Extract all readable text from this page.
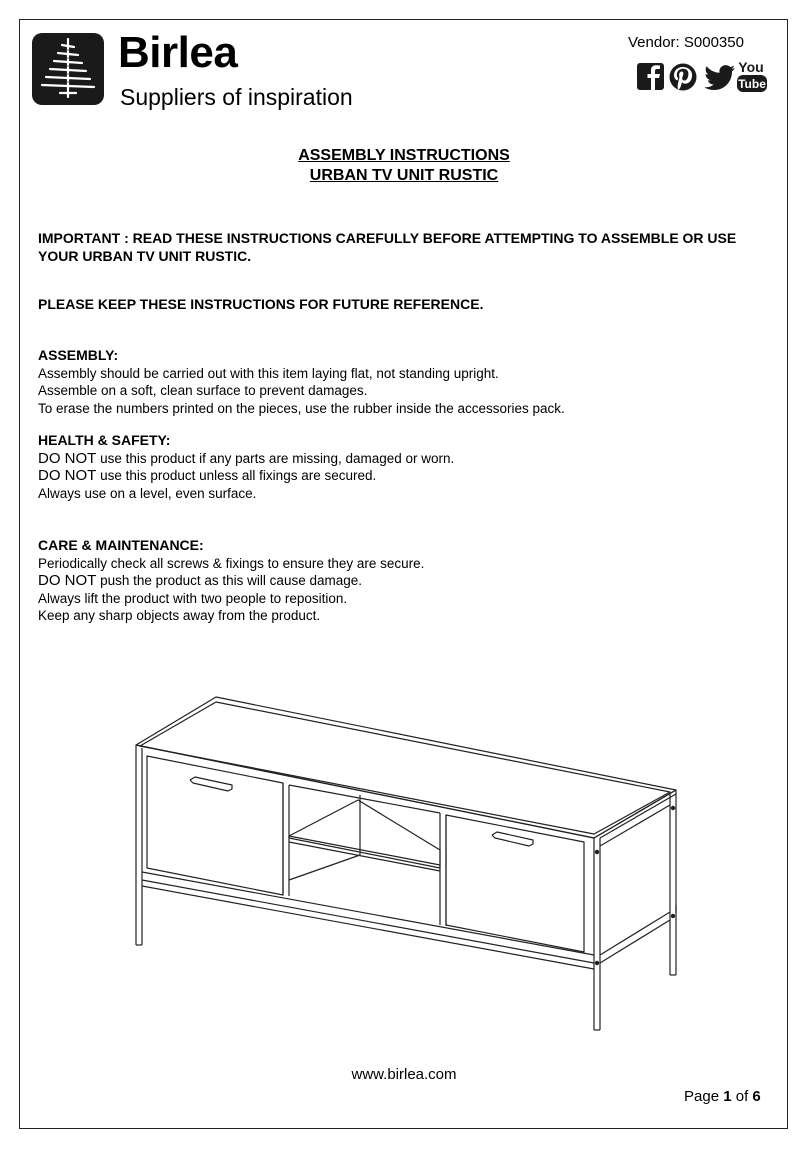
Birlea
Suppliers of inspiration
Vendor: S000350
You
Tube
ASSEMBLY INSTRUCTIONS
URBAN TV UNIT RUSTIC
IMPORTANT : READ THESE INSTRUCTIONS CAREFULLY BEFORE ATTEMPTING TO ASSEMBLE OR USE YOUR URBAN TV UNIT RUSTIC.
PLEASE KEEP THESE INSTRUCTIONS FOR FUTURE REFERENCE.
ASSEMBLY:
Assembly should be carried out with this item laying flat, not standing upright.
Assemble on a soft, clean surface to prevent damages.
To erase the numbers printed on the pieces, use the rubber inside the accessories pack.
HEALTH & SAFETY:
DO NOT use this product if any parts are missing, damaged or worn.
DO NOT use this product unless all fixings are secured.
Always use on a level, even surface.
CARE & MAINTENANCE:
Periodically check all screws & fixings to ensure they are secure.
DO NOT push the product as this will cause damage.
Always lift the product with two people to reposition.
Keep any sharp objects away from the product.
www.birlea.com
Page 1 of 6
